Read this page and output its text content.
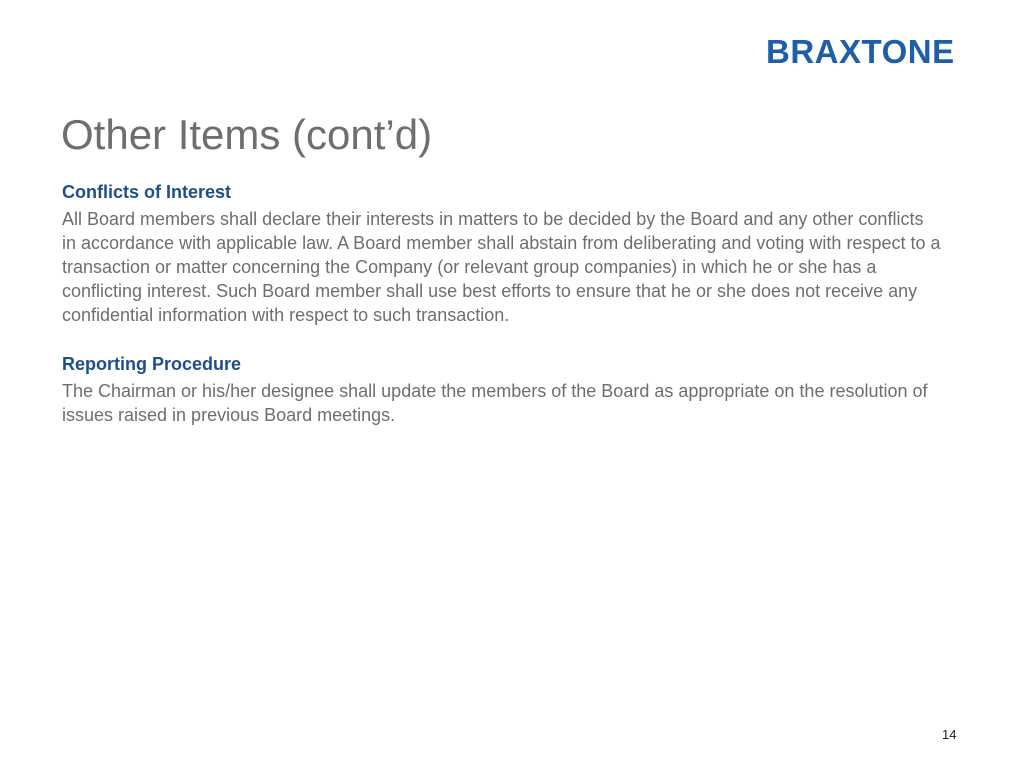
BRAXTONE
Other Items (cont’d)

Conflicts of Interest

All Board members shall declare their interests in matters to be decided by the Board and any other conflicts in accordance with applicable law. A Board member shall abstain from deliberating and voting with respect to a transaction or matter concerning the Company (or relevant group companies) in which he or she has a conflicting interest. Such Board member shall use best efforts to ensure that he or she does not receive any confidential information with respect to such transaction.

Reporting Procedure

The Chairman or his/her designee shall update the members of the Board as appropriate on the resolution of issues raised in previous Board meetings.

14
